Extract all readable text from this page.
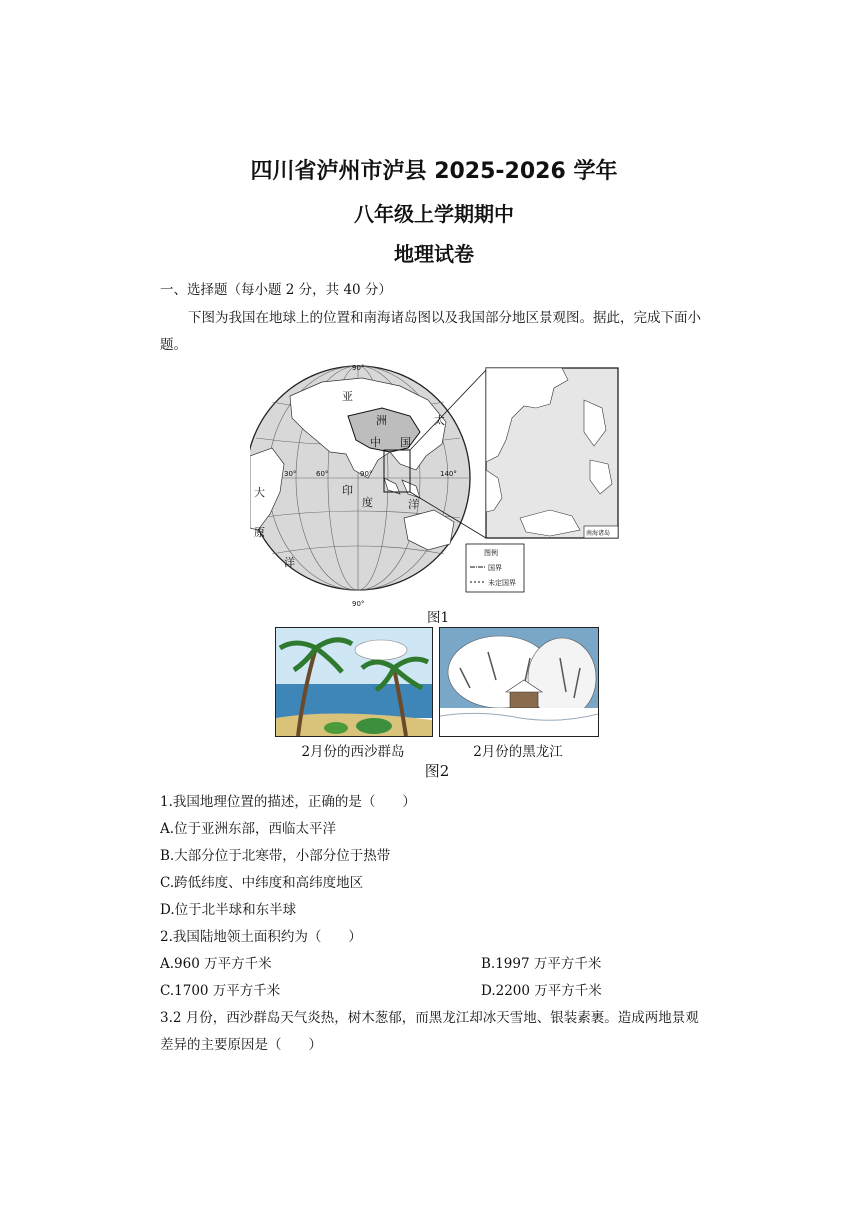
四川省泸州市泸县 2025-2026 学年
八年级上学期期中
地理试卷
一、选择题（每小题 2 分，共 40 分）
下图为我国在地球上的位置和南海诸岛图以及我国部分地区景观图。据此，完成下面小
题。
90°
90°
亚
洲	太
中 国
印
度	洋
大
原
洋
30°	60°	90°	140°
南海诸岛
图例
国界
未定国界
图1
2月份的西沙群岛	2月份的黑龙江
图2
1.我国地理位置的描述，正确的是（　　）
A.位于亚洲东部，西临太平洋
B.大部分位于北寒带，小部分位于热带
C.跨低纬度、中纬度和高纬度地区
D.位于北半球和东半球
2.我国陆地领土面积约为（　　）
A.960 万平方千米	B.1997 万平方千米
C.1700 万平方千米	D.2200 万平方千米
3.2 月份，西沙群岛天气炎热，树木葱郁，而黑龙江却冰天雪地、银装素裹。造成两地景观
差异的主要原因是（　　）
